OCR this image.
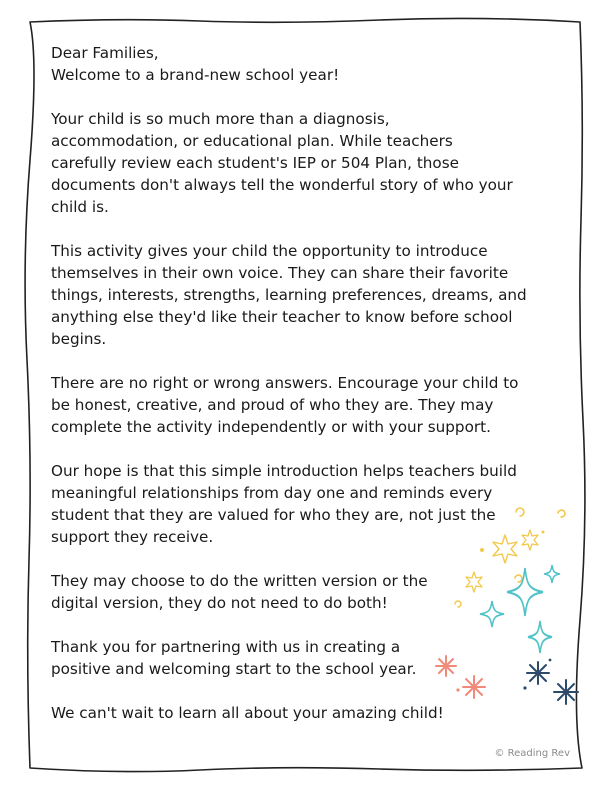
Dear Families,
Welcome to a brand-new school year!

Your child is so much more than a diagnosis,
accommodation, or educational plan. While teachers
carefully review each student's IEP or 504 Plan, those
documents don't always tell the wonderful story of who your
child is.

This activity gives your child the opportunity to introduce
themselves in their own voice. They can share their favorite
things, interests, strengths, learning preferences, dreams, and
anything else they'd like their teacher to know before school
begins.

There are no right or wrong answers. Encourage your child to
be honest, creative, and proud of who they are. They may
complete the activity independently or with your support.

Our hope is that this simple introduction helps teachers build
meaningful relationships from day one and reminds every
student that they are valued for who they are, not just the
support they receive.

They may choose to do the written version or the
digital version, they do not need to do both!

Thank you for partnering with us in creating a
positive and welcoming start to the school year.

We can't wait to learn all about your amazing child!

© Reading Rev
